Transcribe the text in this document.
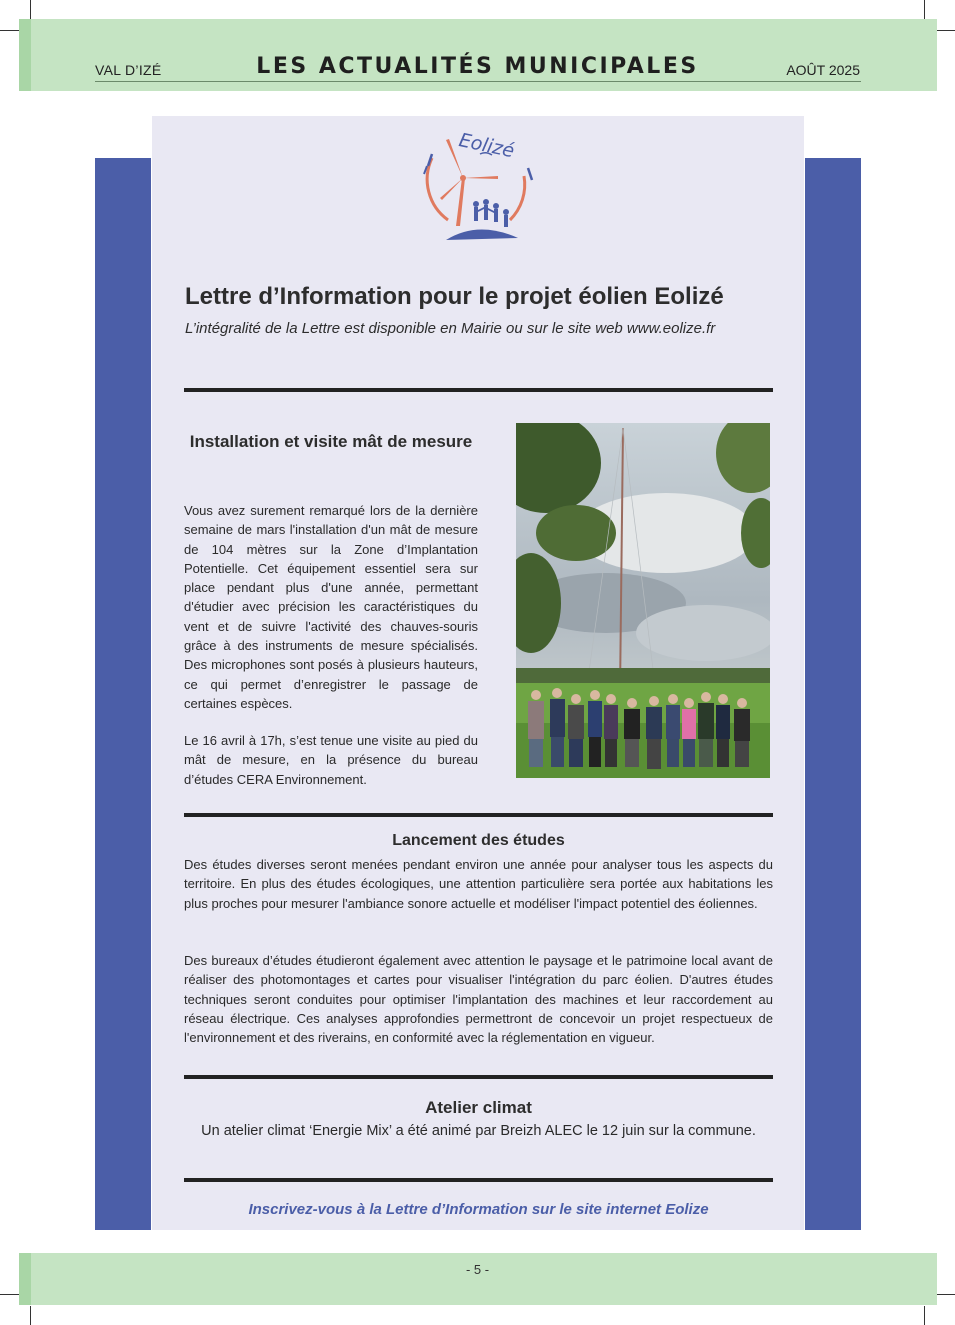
VAL D’IZÉ	LES ACTUALITÉS MUNICIPALES	AOÛT 2025
Eolizé
Lettre d’Information pour le projet éolien Eolizé
L’intégralité de la Lettre est disponible en Mairie ou sur le site web www.eolize.fr
Installation et visite mât de mesure
Vous avez surement remarqué lors de la dernière semaine de mars l'installation d'un mât de mesure de 104 mètres sur la Zone d’Implantation Potentielle. Cet équipement essentiel sera sur place pendant plus d'une année, permettant d'étudier avec précision les caractéristiques du vent et de suivre l'activité des chauves-souris grâce à des instruments de mesure spécialisés. Des microphones sont posés à plusieurs hauteurs, ce qui permet d’enregistrer le passage de certaines espèces.
Le 16 avril à 17h, s’est tenue une visite au pied du mât de mesure, en la présence du bureau d’études CERA Environnement.
Lancement des études
Des études diverses seront menées pendant environ une année pour analyser tous les aspects du territoire. En plus des études écologiques, une attention particulière sera portée aux habitations les plus proches pour mesurer l'ambiance sonore actuelle et modéliser l'impact potentiel des éoliennes.
Des bureaux d’études étudieront également avec attention le paysage et le patrimoine local avant de réaliser des photomontages et cartes pour visualiser l'intégration du parc éolien. D'autres études techniques seront conduites pour optimiser l'implantation des machines et leur raccordement au réseau électrique. Ces analyses approfondies permettront de concevoir un projet respectueux de l'environnement et des riverains, en conformité avec la réglementation en vigueur.
Atelier climat
Un atelier climat ‘Energie Mix’ a été animé par Breizh ALEC le 12 juin sur la commune.
Inscrivez-vous à la Lettre d’Information sur le site internet Eolize
- 5 -
